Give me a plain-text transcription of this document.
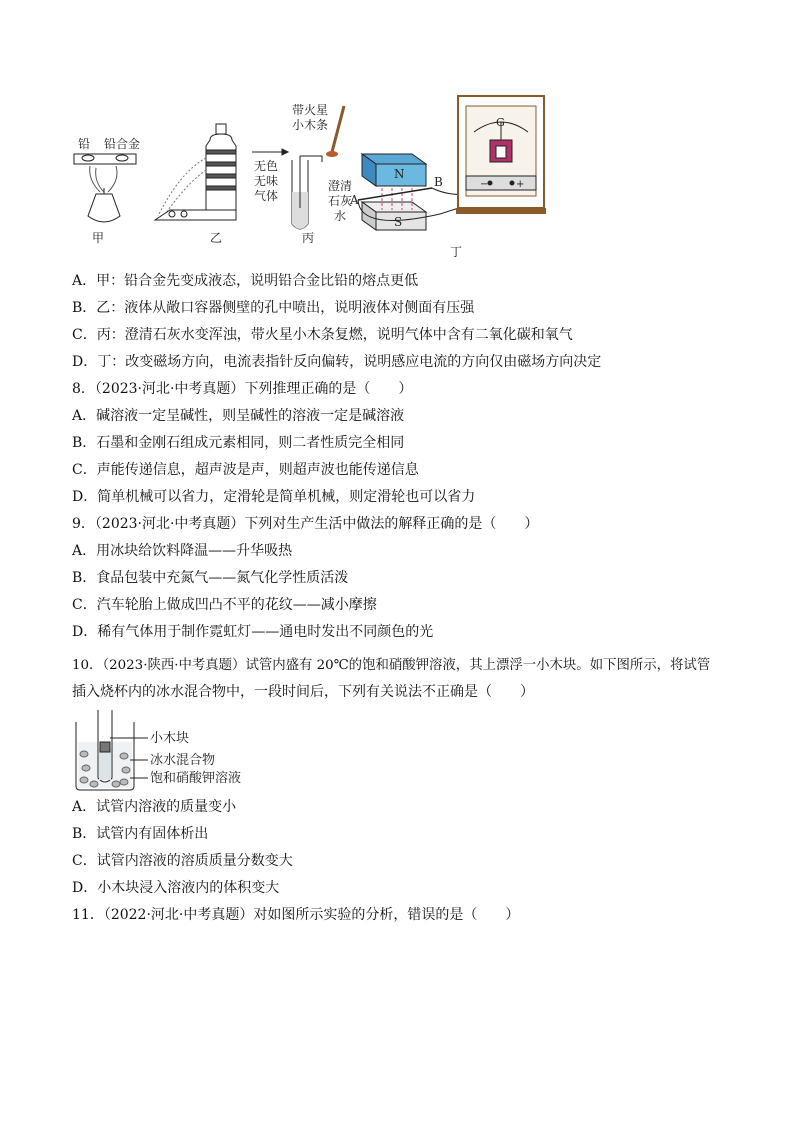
铅 铅合金
带火星
小木条
无色
无味
气体
澄清
石灰
水
G
N
S
A
B	−	+
甲	乙	丙
丁
A．甲：铅合金先变成液态，说明铅合金比铅的熔点更低
B．乙：液体从敞口容器侧壁的孔中喷出，说明液体对侧面有压强
C．丙：澄清石灰水变浑浊，带火星小木条复燃，说明气体中含有二氧化碳和氧气
D．丁：改变磁场方向，电流表指针反向偏转，说明感应电流的方向仅由磁场方向决定
8．（2023·河北·中考真题）下列推理正确的是（　　）
A．碱溶液一定呈碱性，则呈碱性的溶液一定是碱溶液
B．石墨和金刚石组成元素相同，则二者性质完全相同
C．声能传递信息，超声波是声，则超声波也能传递信息
D．简单机械可以省力，定滑轮是简单机械，则定滑轮也可以省力
9．（2023·河北·中考真题）下列对生产生活中做法的解释正确的是（　　）
A．用冰块给饮料降温——升华吸热
B．食品包装中充氮气——氮气化学性质活泼
C．汽车轮胎上做成凹凸不平的花纹——减小摩擦
D．稀有气体用于制作霓虹灯——通电时发出不同颜色的光
10．（2023·陕西·中考真题）试管内盛有 20℃的饱和硝酸钾溶液，其上漂浮一小木块。如下图所示，将试管
插入烧杯内的冰水混合物中，一段时间后，下列有关说法不正确是（　　）
小木块
冰水混合物
饱和硝酸钾溶液
A．试管内溶液的质量变小
B．试管内有固体析出
C．试管内溶液的溶质质量分数变大
D．小木块浸入溶液内的体积变大
11．（2022·河北·中考真题）对如图所示实验的分析，错误的是（　　）
